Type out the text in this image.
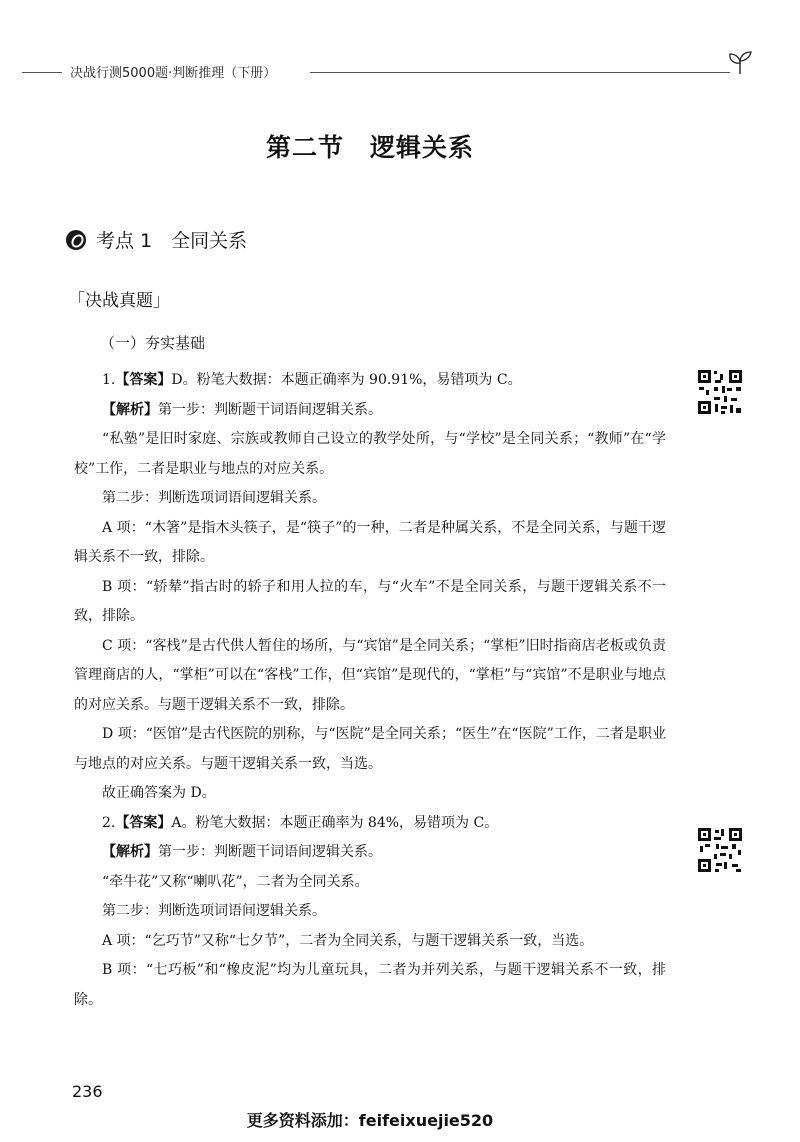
决战行测5000题·判断推理（下册）
第二节　逻辑关系
考点 1　全同关系
「决战真题」
（一）夯实基础

1.【答案】D。粉笔大数据：本题正确率为 90.91%，易错项为 C。

【解析】第一步：判断题干词语间逻辑关系。

“私塾”是旧时家庭、宗族或教师自己设立的教学处所，与“学校”是全同关系；“教师”在“学校”工作，二者是职业与地点的对应关系。

第二步：判断选项词语间逻辑关系。

A 项：“木箸”是指木头筷子，是“筷子”的一种，二者是种属关系，不是全同关系，与题干逻辑关系不一致，排除。

B 项：“轿辇”指古时的轿子和用人拉的车，与“火车”不是全同关系，与题干逻辑关系不一致，排除。

C 项：“客栈”是古代供人暂住的场所，与“宾馆”是全同关系；“掌柜”旧时指商店老板或负责管理商店的人，“掌柜”可以在“客栈”工作，但“宾馆”是现代的，“掌柜”与“宾馆”不是职业与地点的对应关系。与题干逻辑关系不一致，排除。

D 项：“医馆”是古代医院的别称，与“医院”是全同关系；“医生”在“医院”工作，二者是职业与地点的对应关系。与题干逻辑关系一致，当选。

故正确答案为 D。

2.【答案】A。粉笔大数据：本题正确率为 84%，易错项为 C。

【解析】第一步：判断题干词语间逻辑关系。

“牵牛花”又称“喇叭花”，二者为全同关系。

第二步：判断选项词语间逻辑关系。

A 项：“乞巧节”又称“七夕节”，二者为全同关系，与题干逻辑关系一致，当选。

B 项：“七巧板”和“橡皮泥”均为儿童玩具，二者为并列关系，与题干逻辑关系不一致，排除。

236
更多资料添加：feifeixuejie520
